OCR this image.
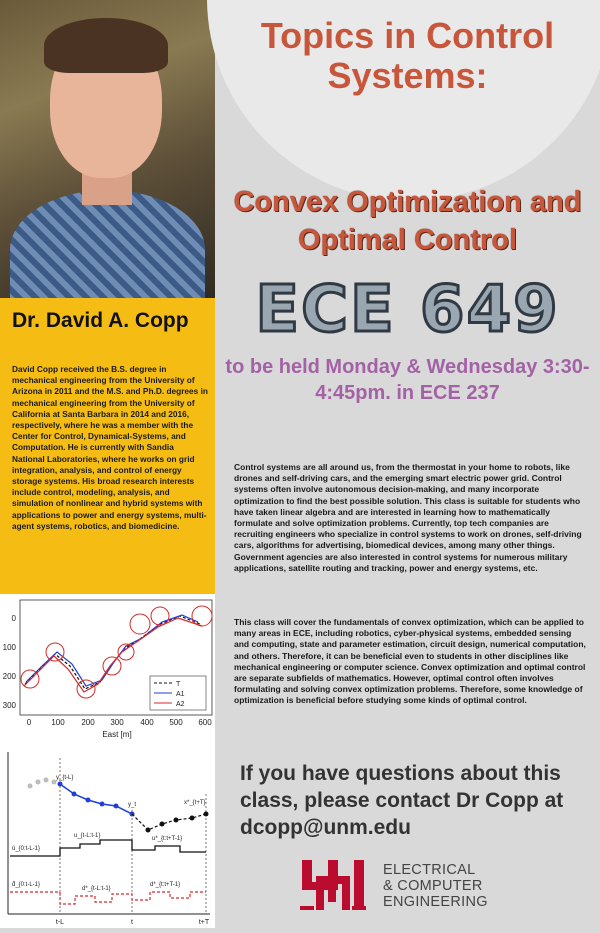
Dr. David A. Copp

David Copp received the B.S. degree in mechanical engineering from the University of Arizona in 2011 and the M.S. and Ph.D. degrees in mechanical engineering from the University of California at Santa Barbara in 2014 and 2016, respectively, where he was a member with the Center for Control, Dynamical-Systems, and Computation. He is currently with Sandia National Laboratories, where he works on grid integration, analysis, and control of energy storage systems. His broad research interests include control, modeling, analysis, and simulation of nonlinear and hybrid systems with applications to power and energy systems, multi-agent systems, robotics, and biomedicine.

0
100
200
300
0	100 200 300 400 500 600
East [m]
T
A1
A2
y_{t-L}
y_t	x*_{t+T}
û_{0:t-L-1}
u_{t-L:t-1}	u*_{t:t+T-1}
d̂_{0:t-L-1}
d*_{t-L:t-1}
d*_{t:t+T-1}
t-L	t	t+T
Topics in Control Systems:
Convex Optimization and Optimal Control
ECE 649
to be held Monday & Wednesday 3:30-4:45pm. in ECE 237

Control systems are all around us, from the thermostat in your home to robots, like drones and self-driving cars, and the emerging smart electric power grid. Control systems often involve autonomous decision-making, and many incorporate optimization to find the best possible solution. This class is suitable for students who have taken linear algebra and are interested in learning how to mathematically formulate and solve optimization problems. Currently, top tech companies are recruiting engineers who specialize in control systems to work on drones, self-driving cars, algorithms for advertising, biomedical devices, among many other things. Government agencies are also interested in control systems for numerous military applications, satellite routing and tracking, power and energy systems, etc.

This class will cover the fundamentals of convex optimization, which can be applied to many areas in ECE, including robotics, cyber-physical systems, embedded sensing and computing, state and parameter estimation, circuit design, numerical computation, and others. Therefore, it can be beneficial even to students in other disciplines like mechanical engineering or computer science. Convex optimization and optimal control are separate subfields of mathematics. However, optimal control often involves formulating and solving convex optimization problems. Therefore, some knowledge of optimization is beneficial before studying some kinds of optimal control.

If you have questions about this class, please contact Dr Copp at dcopp@unm.edu

UNM
ELECTRICAL
& COMPUTER
ENGINEERING
